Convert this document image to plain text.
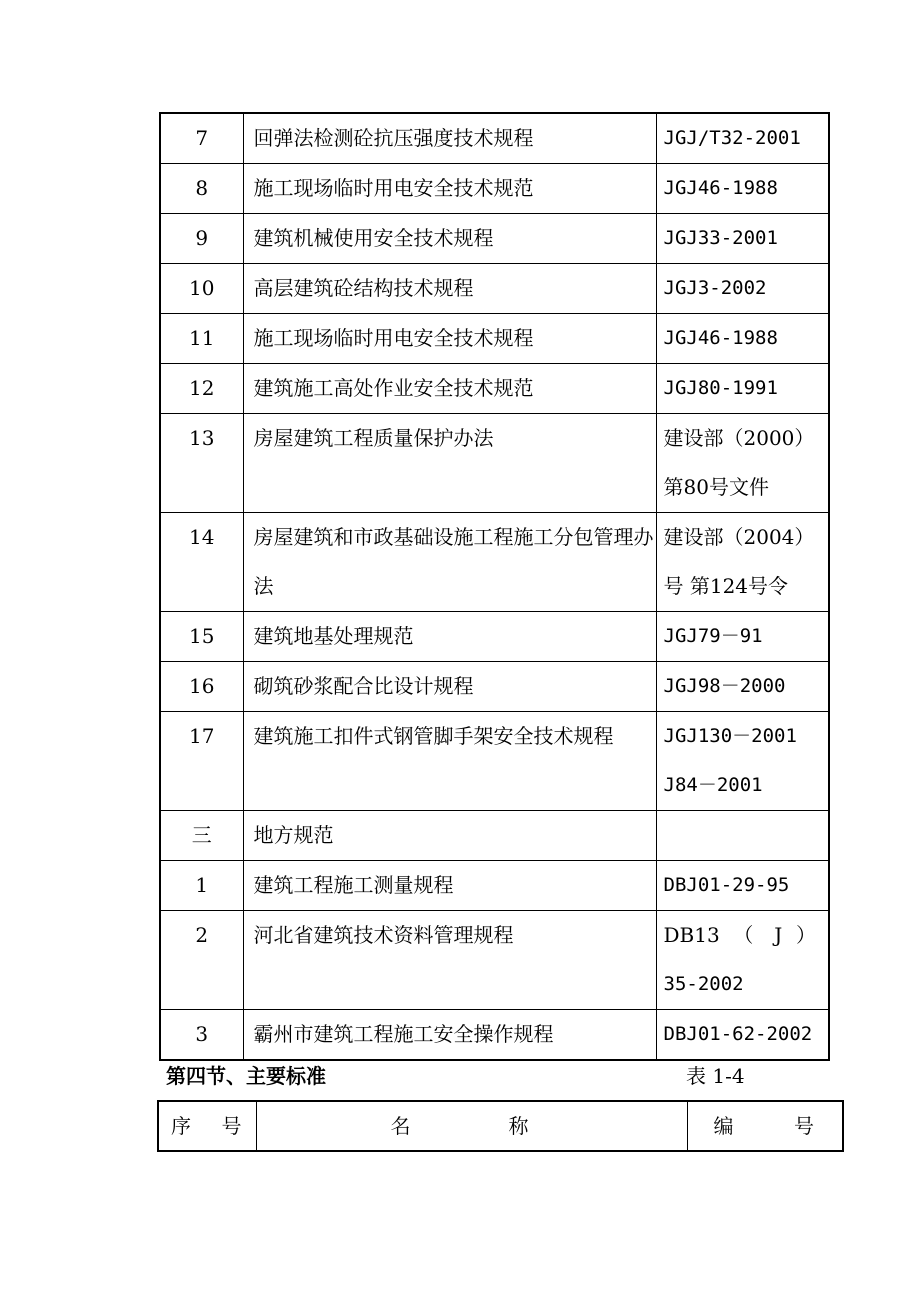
7	回弹法检测砼抗压强度技术规程	JGJ/T32-2001

8	施工现场临时用电安全技术规范	JGJ46-1988

9	建筑机械使用安全技术规程	JGJ33-2001

10	高层建筑砼结构技术规程	JGJ3-2002

11	施工现场临时用电安全技术规程	JGJ46-1988

12	建筑施工高处作业安全技术规范	JGJ80-1991

13	房屋建筑工程质量保护办法	建设部（2000）
第80号文件

14	房屋建筑和市政基础设施工程施工分包管理办法	建设部（2004）
号 第124号令

15	建筑地基处理规范	JGJ79－91

16	砌筑砂浆配合比设计规程	JGJ98－2000

17	建筑施工扣件式钢管脚手架安全技术规程	JGJ130－2001
J84－2001

三	地方规范	

1	建筑工程施工测量规程	DBJ01-29-95

2	河北省建筑技术资料管理规程	DB13 （ J ）
35-2002

3	霸州市建筑工程施工安全操作规程	DBJ01-62-2002
第四节、主要标准	表 1-4
序号	名称	编号
